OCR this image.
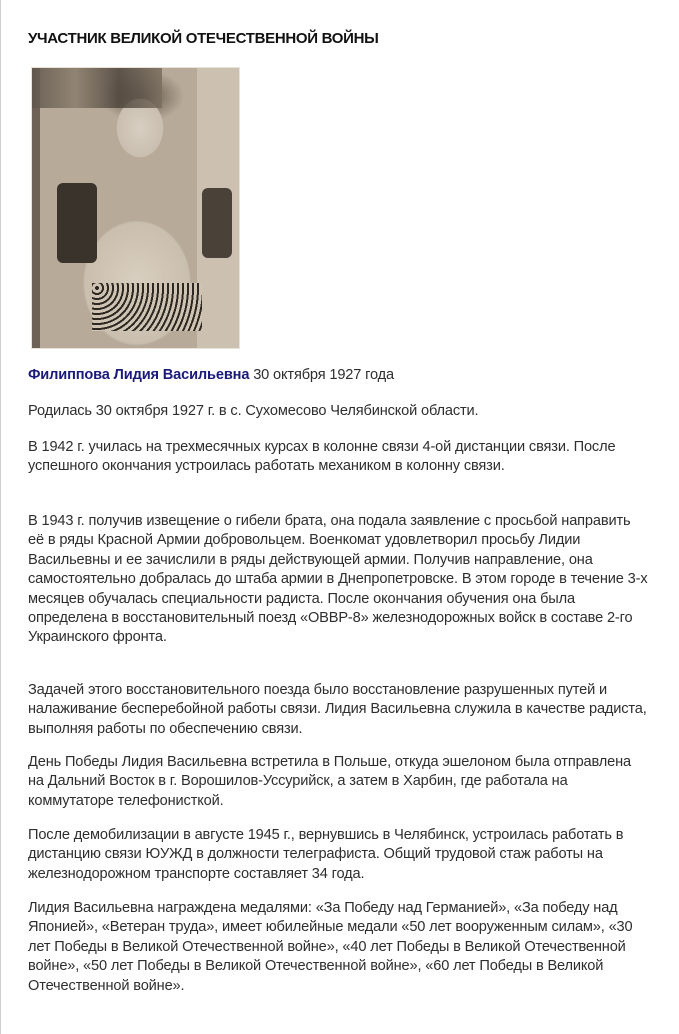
УЧАСТНИК ВЕЛИКОЙ ОТЕЧЕСТВЕННОЙ ВОЙНЫ
Филиппова Лидия Васильевна 30 октября 1927 года
Родилась 30 октября 1927 г. в с. Сухомесово Челябинской области.
В 1942 г. училась на трехмесячных курсах в колонне связи 4-ой дистанции связи. После успешного окончания устроилась работать механиком в колонну связи.
В 1943 г. получив извещение о гибели брата, она подала заявление с просьбой направить её в ряды Красной Армии добровольцем. Военкомат удовлетворил просьбу Лидии Васильевны и ее зачислили в ряды действующей армии. Получив направление, она самостоятельно добралась до штаба армии в Днепропетровске. В этом городе в течение 3-х месяцев обучалась специальности радиста. После окончания обучения она была определена в восстановительный поезд «ОВВР-8» железнодорожных войск в составе 2-го Украинского фронта.
Задачей этого восстановительного поезда было восстановление разрушенных путей и налаживание бесперебойной работы связи. Лидия Васильевна служила в качестве радиста, выполняя работы по обеспечению связи.
День Победы Лидия Васильевна встретила в Польше, откуда эшелоном была отправлена на Дальний Восток в г. Ворошилов-Уссурийск, а затем в Харбин, где работала на коммутаторе телефонисткой.
После демобилизации в августе 1945 г., вернувшись в Челябинск, устроилась работать в дистанцию связи ЮУЖД в должности телеграфиста. Общий трудовой стаж работы на железнодорожном транспорте составляет 34 года.
Лидия Васильевна награждена медалями: «За Победу над Германией», «За победу над Японией», «Ветеран труда», имеет юбилейные медали «50 лет вооруженным силам», «30 лет Победы в Великой Отечественной войне», «40 лет Победы в Великой Отечественной войне», «50 лет Победы в Великой Отечественной войне», «60 лет Победы в Великой Отечественной войне».
